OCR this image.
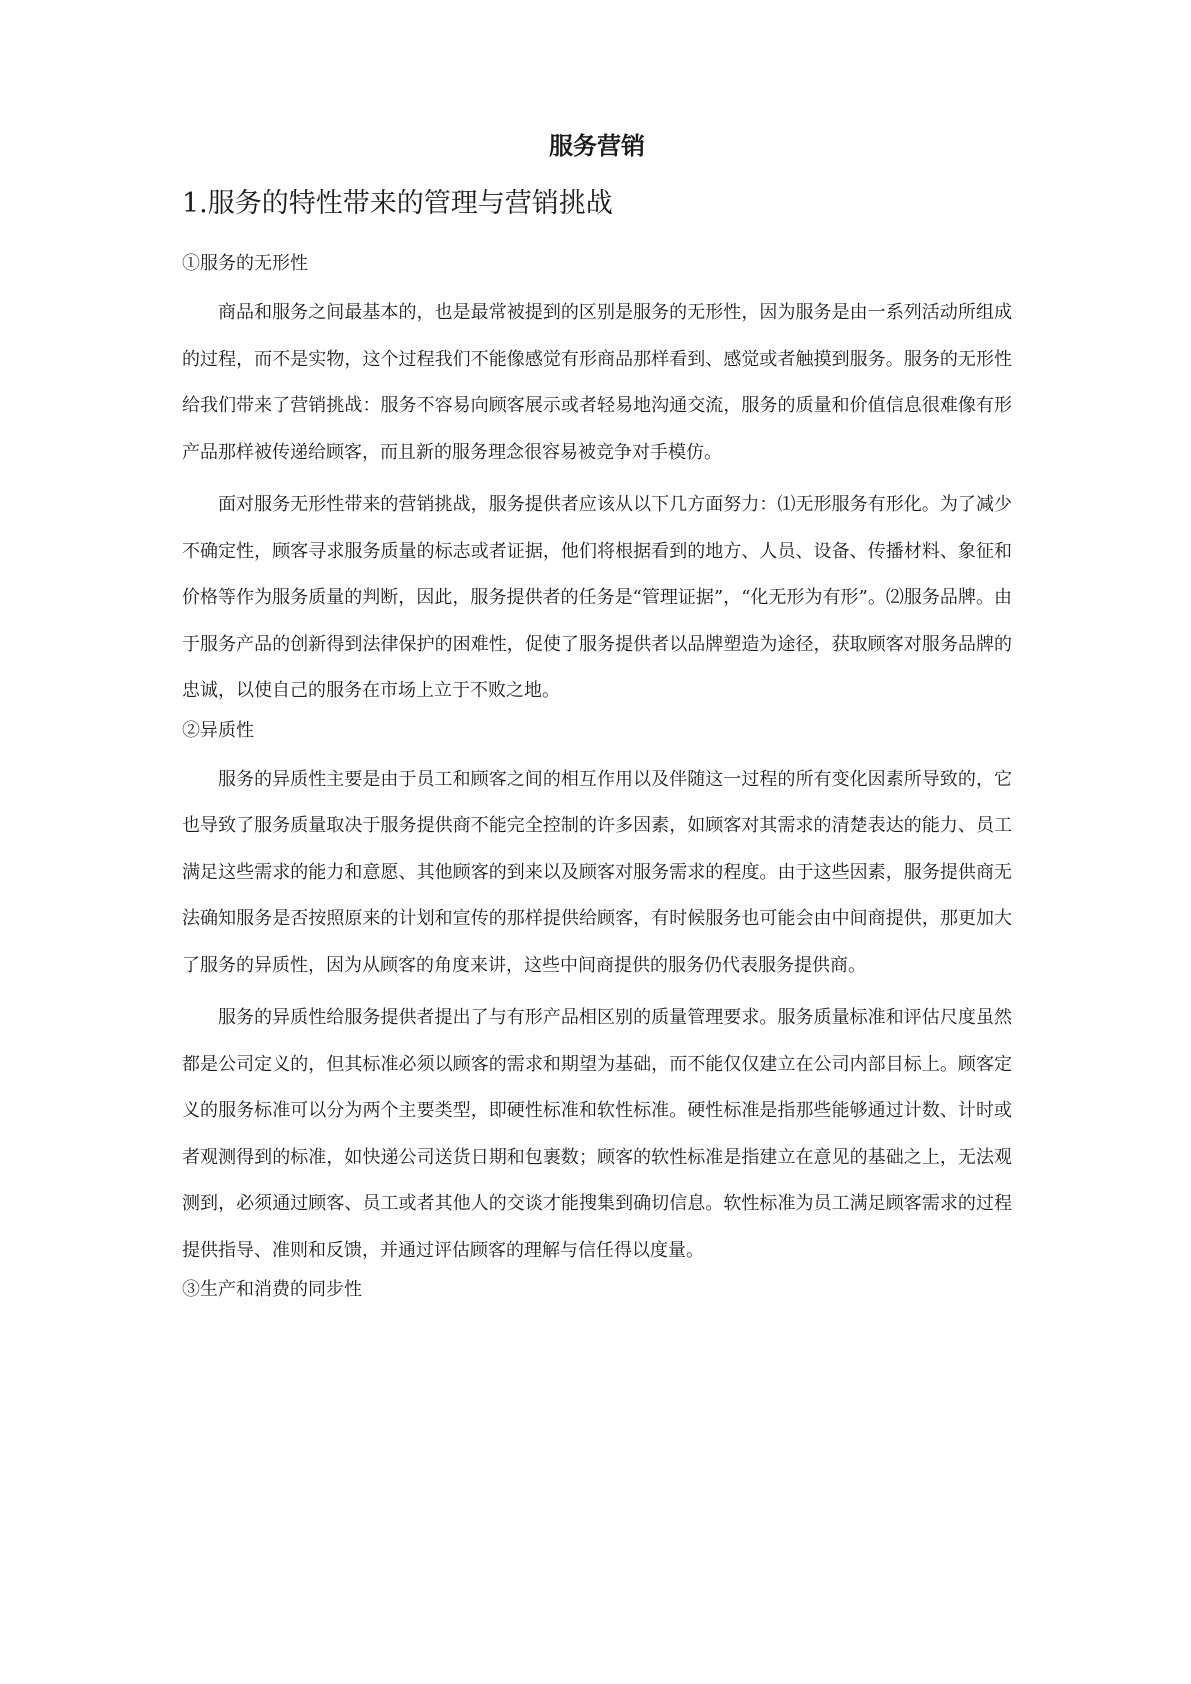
服务营销
1.服务的特性带来的管理与营销挑战
①服务的无形性

商品和服务之间最基本的，也是最常被提到的区别是服务的无形性，因为服务是由一系列活动所组成的过程，而不是实物，这个过程我们不能像感觉有形商品那样看到、感觉或者触摸到服务。服务的无形性给我们带来了营销挑战：服务不容易向顾客展示或者轻易地沟通交流，服务的质量和价值信息很难像有形产品那样被传递给顾客，而且新的服务理念很容易被竞争对手模仿。

面对服务无形性带来的营销挑战，服务提供者应该从以下几方面努力：⑴无形服务有形化。为了减少不确定性，顾客寻求服务质量的标志或者证据，他们将根据看到的地方、人员、设备、传播材料、象征和价格等作为服务质量的判断，因此，服务提供者的任务是“管理证据”，“化无形为有形”。⑵服务品牌。由于服务产品的创新得到法律保护的困难性，促使了服务提供者以品牌塑造为途径，获取顾客对服务品牌的忠诚，以使自己的服务在市场上立于不败之地。

②异质性

服务的异质性主要是由于员工和顾客之间的相互作用以及伴随这一过程的所有变化因素所导致的，它也导致了服务质量取决于服务提供商不能完全控制的许多因素，如顾客对其需求的清楚表达的能力、员工满足这些需求的能力和意愿、其他顾客的到来以及顾客对服务需求的程度。由于这些因素，服务提供商无法确知服务是否按照原来的计划和宣传的那样提供给顾客，有时候服务也可能会由中间商提供，那更加大了服务的异质性，因为从顾客的角度来讲，这些中间商提供的服务仍代表服务提供商。

服务的异质性给服务提供者提出了与有形产品相区别的质量管理要求。服务质量标准和评估尺度虽然都是公司定义的，但其标准必须以顾客的需求和期望为基础，而不能仅仅建立在公司内部目标上。顾客定义的服务标准可以分为两个主要类型，即硬性标准和软性标准。硬性标准是指那些能够通过计数、计时或者观测得到的标准，如快递公司送货日期和包裹数；顾客的软性标准是指建立在意见的基础之上，无法观测到，必须通过顾客、员工或者其他人的交谈才能搜集到确切信息。软性标准为员工满足顾客需求的过程提供指导、准则和反馈，并通过评估顾客的理解与信任得以度量。

③生产和消费的同步性
